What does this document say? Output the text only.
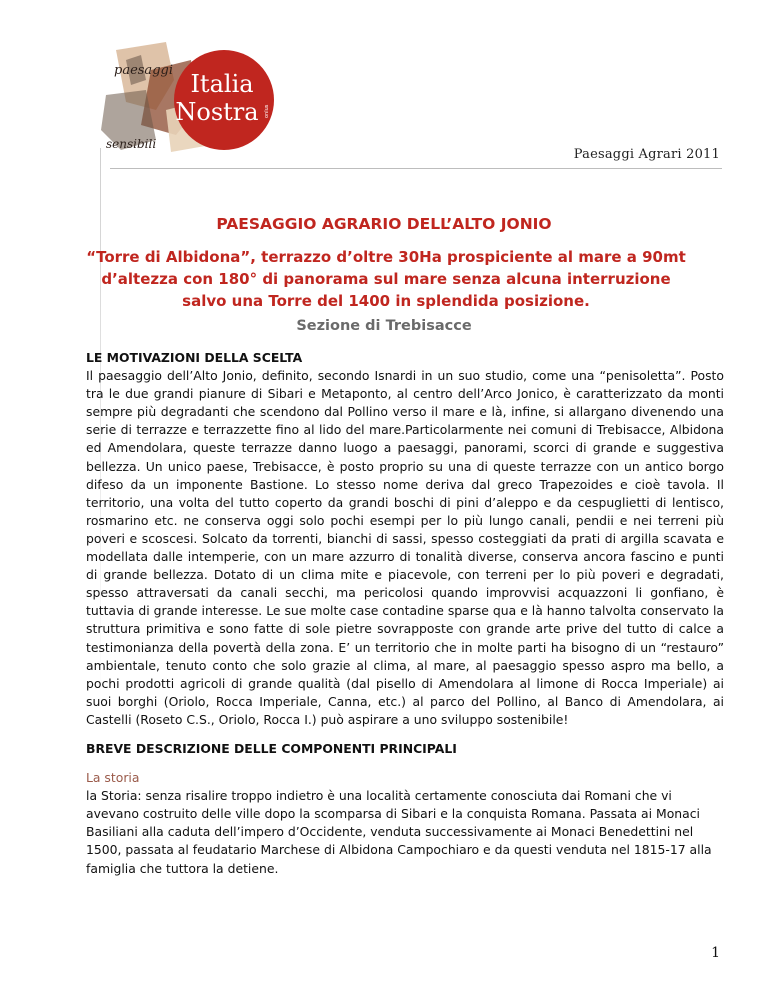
Italia
Nostra onlus
paesaggi
sensibili
Paesaggi Agrari 2011
PAESAGGIO AGRARIO DELL’ALTO JONIO
“Torre di Albidona”, terrazzo d’oltre 30Ha prospiciente al mare a 90mt d’altezza con 180° di panorama sul mare senza alcuna interruzione salvo una Torre del 1400 in splendida posizione.
Sezione di Trebisacce

LE MOTIVAZIONI DELLA SCELTA

Il paesaggio dell’Alto Jonio, definito, secondo Isnardi in un suo studio, come una “penisoletta”. Posto tra le due grandi pianure di Sibari e Metaponto, al centro dell’Arco Jonico, è caratterizzato da monti sempre più degradanti che scendono dal Pollino verso il mare e là, infine, si allargano divenendo una serie di terrazze e terrazzette fino al lido del mare.Particolarmente nei comuni di Trebisacce, Albidona ed Amendolara, queste terrazze danno luogo a paesaggi, panorami, scorci di grande e suggestiva bellezza. Un unico paese, Trebisacce, è posto proprio su una di queste terrazze con un antico borgo difeso da un imponente Bastione. Lo stesso nome deriva dal greco Trapezoides e cioè tavola. Il territorio, una volta del tutto coperto da grandi boschi di pini d’aleppo e da cespuglietti di lentisco, rosmarino etc. ne conserva oggi solo pochi esempi per lo più lungo canali, pendii e nei terreni più poveri e scoscesi. Solcato da torrenti, bianchi di sassi, spesso costeggiati da prati di argilla scavata e modellata dalle intemperie, con un mare azzurro di tonalità diverse, conserva ancora fascino e punti di grande bellezza. Dotato di un clima mite e piacevole, con terreni per lo più poveri e degradati, spesso attraversati da canali secchi, ma pericolosi quando improvvisi acquazzoni li gonfiano, è tuttavia di grande interesse. Le sue molte case contadine sparse qua e là hanno talvolta conservato la struttura primitiva e sono fatte di sole pietre sovrapposte con grande arte prive del tutto di calce a testimonianza della povertà della zona. E’ un territorio che in molte parti ha bisogno di un “restauro” ambientale, tenuto conto che solo grazie al clima, al mare, al paesaggio spesso aspro ma bello, a pochi prodotti agricoli di grande qualità (dal pisello di Amendolara al limone di Rocca Imperiale) ai suoi borghi (Oriolo, Rocca Imperiale, Canna, etc.) al parco del Pollino, al Banco di Amendolara, ai Castelli (Roseto C.S., Oriolo, Rocca I.) può aspirare a uno sviluppo sostenibile!

BREVE DESCRIZIONE DELLE COMPONENTI PRINCIPALI

La storia

la Storia: senza risalire troppo indietro è una località certamente conosciuta dai Romani che vi avevano costruito delle ville dopo la scomparsa di Sibari e la conquista Romana. Passata ai Monaci Basiliani alla caduta dell’impero d’Occidente, venduta successivamente ai Monaci Benedettini nel 1500, passata al feudatario Marchese di Albidona Campochiaro e da questi venduta nel 1815-17 alla famiglia che tuttora la detiene.

1
